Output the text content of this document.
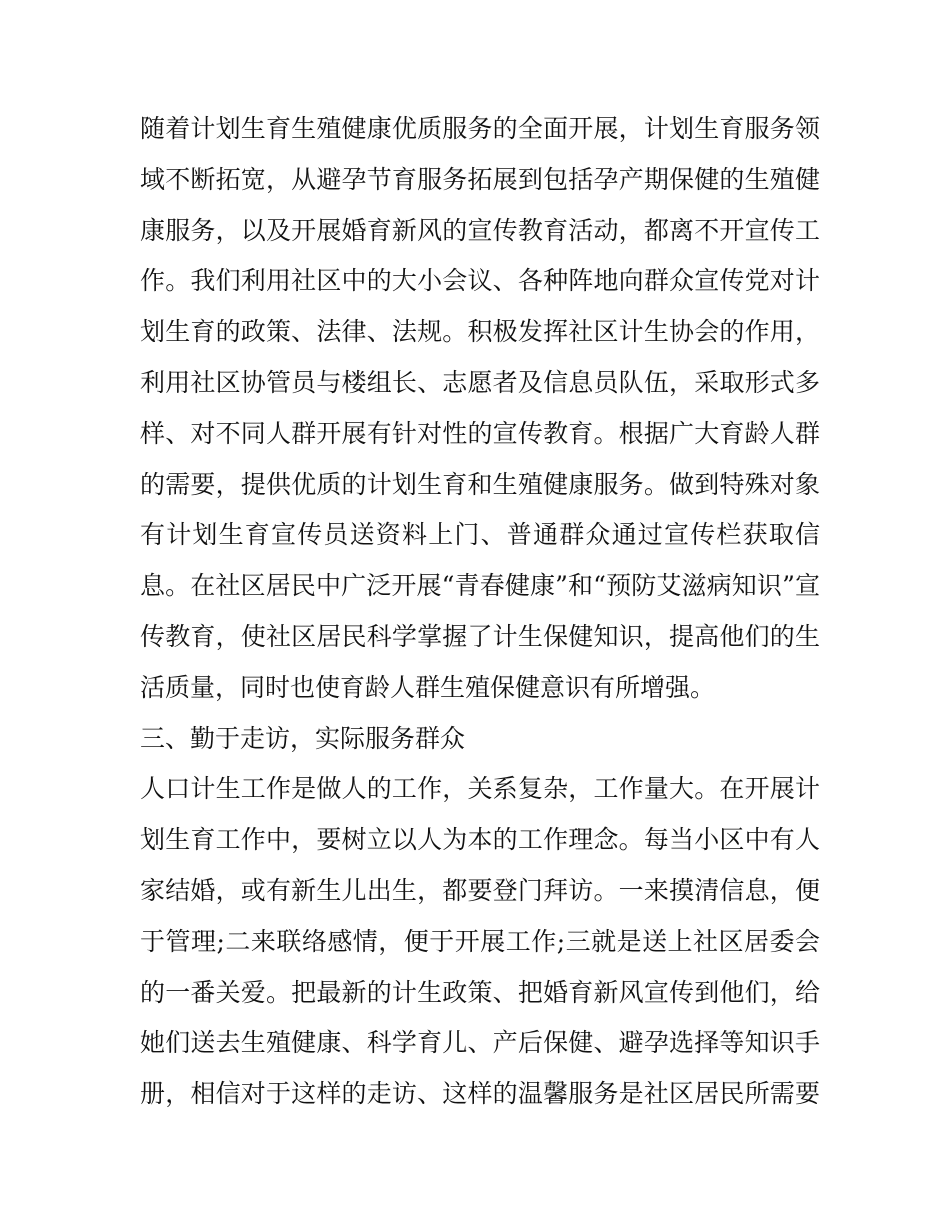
随着计划生育生殖健康优质服务的全面开展，计划生育服务领
域不断拓宽，从避孕节育服务拓展到包括孕产期保健的生殖健
康服务，以及开展婚育新风的宣传教育活动，都离不开宣传工
作。我们利用社区中的大小会议、各种阵地向群众宣传党对计
划生育的政策、法律、法规。积极发挥社区计生协会的作用，
利用社区协管员与楼组长、志愿者及信息员队伍，采取形式多
样、对不同人群开展有针对性的宣传教育。根据广大育龄人群
的需要，提供优质的计划生育和生殖健康服务。做到特殊对象
有计划生育宣传员送资料上门、普通群众通过宣传栏获取信
息。在社区居民中广泛开展“青春健康”和“预防艾滋病知识”宣
传教育，使社区居民科学掌握了计生保健知识，提高他们的生
活质量，同时也使育龄人群生殖保健意识有所增强。
三、勤于走访，实际服务群众
人口计生工作是做人的工作，关系复杂，工作量大。在开展计
划生育工作中，要树立以人为本的工作理念。每当小区中有人
家结婚，或有新生儿出生，都要登门拜访。一来摸清信息，便
于管理;二来联络感情，便于开展工作;三就是送上社区居委会
的一番关爱。把最新的计生政策、把婚育新风宣传到他们，给
她们送去生殖健康、科学育儿、产后保健、避孕选择等知识手
册，相信对于这样的走访、这样的温馨服务是社区居民所需要
